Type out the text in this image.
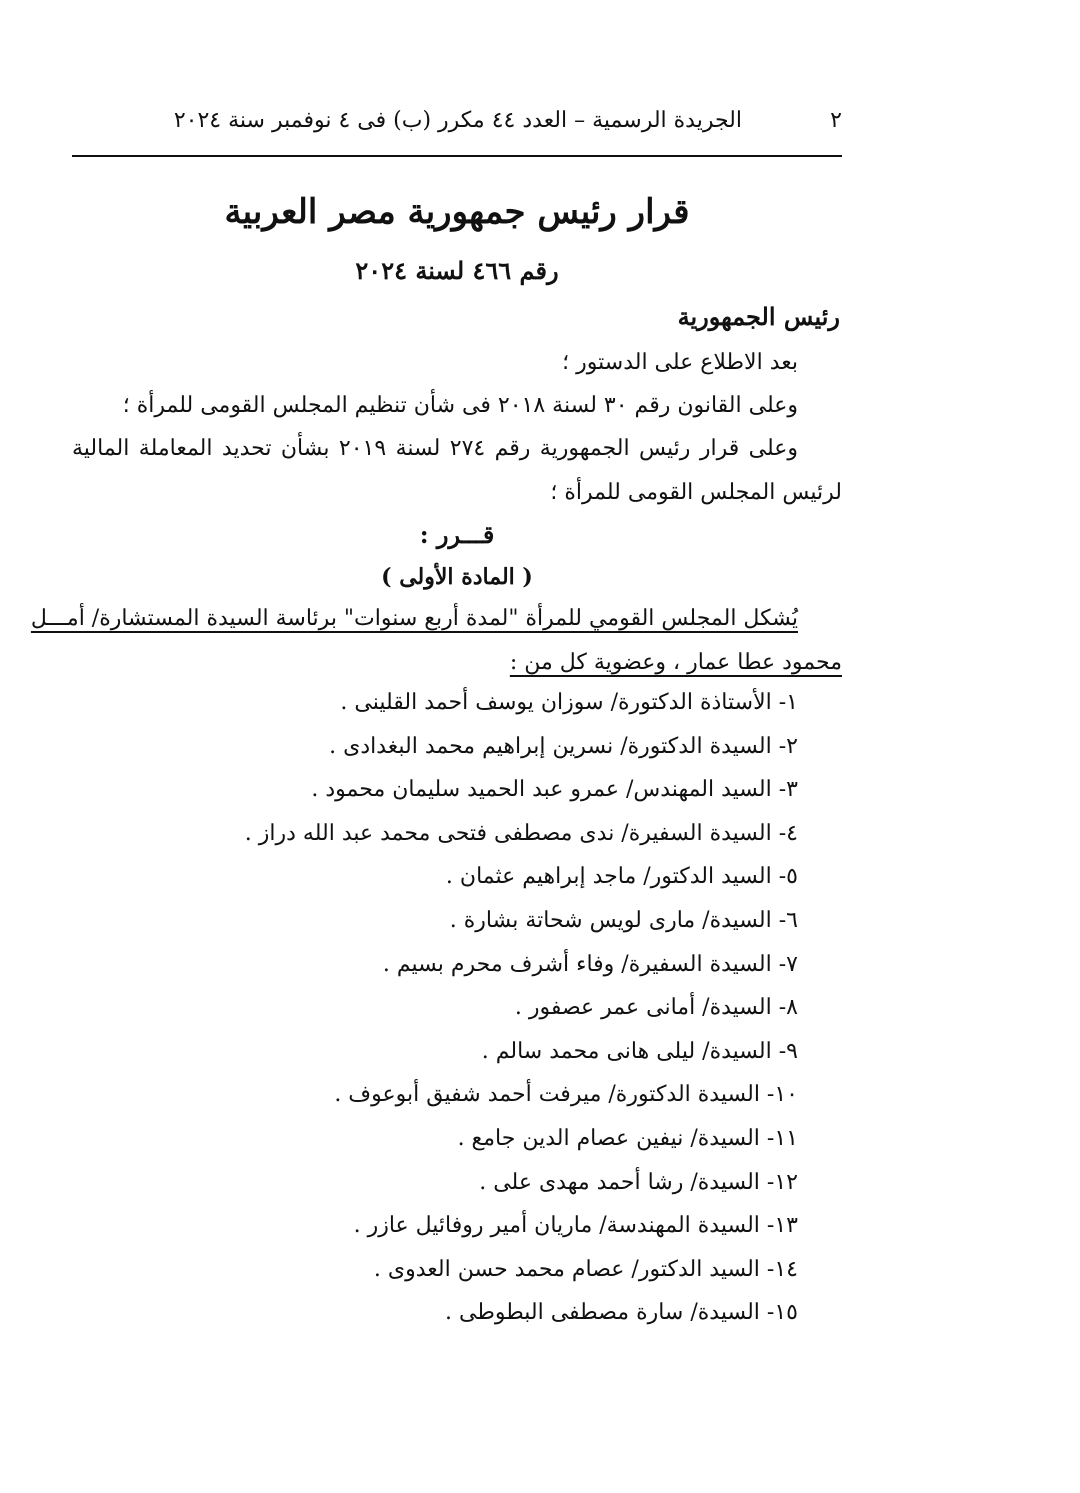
٢
الجريدة الرسمية – العدد ٤٤ مكرر (ب) فى ٤ نوفمبر سنة ٢٠٢٤
قرار رئيس جمهورية مصر العربية
رقم ٤٦٦ لسنة ٢٠٢٤
رئيس الجمهورية
بعد الاطلاع على الدستور ؛
وعلى القانون رقم ٣٠ لسنة ٢٠١٨ فى شأن تنظيم المجلس القومى للمرأة ؛
وعلى قرار رئيس الجمهورية رقم ٢٧٤ لسنة ٢٠١٩ بشأن تحديد المعاملة المالية
لرئيس المجلس القومى للمرأة ؛
قـــرر :
( المادة الأولى )
يُشكل المجلس القومي للمرأة "لمدة أربع سنوات" برئاسة السيدة المستشارة/ أمـــل
محمود عطا عمار ، وعضوية كل من :
١- الأستاذة الدكتورة/ سوزان يوسف أحمد القلينى .
٢- السيدة الدكتورة/ نسرين إبراهيم محمد البغدادى .
٣- السيد المهندس/ عمرو عبد الحميد سليمان محمود .
٤- السيدة السفيرة/ ندى مصطفى فتحى محمد عبد الله دراز .
٥- السيد الدكتور/ ماجد إبراهيم عثمان .
٦- السيدة/ مارى لويس شحاتة بشارة .
٧- السيدة السفيرة/ وفاء أشرف محرم بسيم .
٨- السيدة/ أمانى عمر عصفور .
٩- السيدة/ ليلى هانى محمد سالم .
١٠- السيدة الدكتورة/ ميرفت أحمد شفيق أبوعوف .
١١- السيدة/ نيفين عصام الدين جامع .
١٢- السيدة/ رشا أحمد مهدى على .
١٣- السيدة المهندسة/ ماريان أمير روفائيل عازر .
١٤- السيد الدكتور/ عصام محمد حسن العدوى .
١٥- السيدة/ سارة مصطفى البطوطى .
